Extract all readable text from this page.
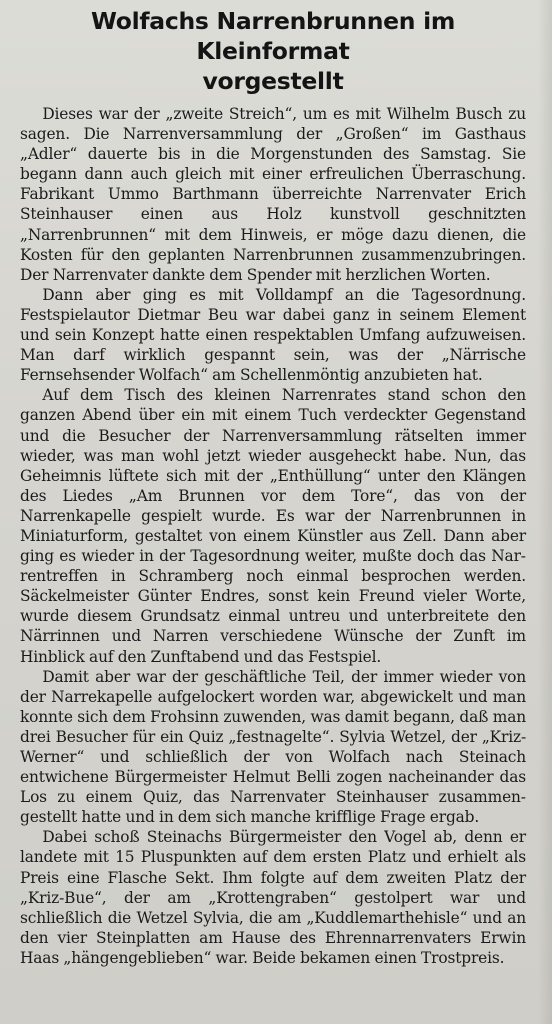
Wolfachs Narrenbrunnen im Kleinformat
vorgestellt

Dieses war der „zweite Streich“, um es mit Wilhelm Busch zu sagen. Die Narrenversammlung der „Großen“ im Gasthaus „Adler“ dauerte bis in die Morgenstunden des Samstag. Sie begann dann auch gleich mit einer erfreulichen Überraschung. Fabrikant Ummo Barthmann überreichte Narrenvater Erich Steinhauser einen aus Holz kunstvoll geschnitzten „Narrenbrunnen“ mit dem Hinweis, er möge dazu dienen, die Kosten für den geplanten Narrenbrunnen zusammenzubringen. Der Narrenvater dankte dem Spender mit herzlichen Worten.

Dann aber ging es mit Volldampf an die Tagesordnung. Festspielautor Dietmar Beu war dabei ganz in seinem Element und sein Konzept hatte einen respektablen Umfang aufzuweisen. Man darf wirklich gespannt sein, was der „Närrische Fernsehsender Wolfach“ am Schellenmöntig anzubieten hat.

Auf dem Tisch des kleinen Narrenrates stand schon den ganzen Abend über ein mit einem Tuch verdeckter Gegenstand und die Besucher der Narrenversammlung rätselten immer wieder, was man wohl jetzt wieder ausgeheckt habe. Nun, das Geheimnis lüftete sich mit der „Enthüllung“ unter den Klängen des Liedes „Am Brunnen vor dem Tore“, das von der Narrenkapelle gespielt wurde. Es war der Narrenbrunnen in Miniaturform, gestaltet von einem Künstler aus Zell. Dann aber ging es wieder in der Tagesordnung weiter, mußte doch das Narrentreffen in Schramberg noch einmal besprochen werden. Säckelmeister Günter Endres, sonst kein Freund vieler Worte, wurde diesem Grundsatz einmal untreu und unterbreitete den Närrinnen und Narren verschiedene Wünsche der Zunft im Hinblick auf den Zunftabend und das Festspiel.

Damit aber war der geschäftliche Teil, der immer wieder von der Narrekapelle aufgelockert worden war, abgewickelt und man konnte sich dem Frohsinn zuwenden, was damit begann, daß man drei Besucher für ein Quiz „festnagelte“. Sylvia Wetzel, der „Kriz-Werner“ und schließlich der von Wolfach nach Steinach entwichene Bürgermeister Helmut Belli zogen nacheinander das Los zu einem Quiz, das Narrenvater Steinhauser zusammengestellt hatte und in dem sich manche krifflige Frage ergab.

Dabei schoß Steinachs Bürgermeister den Vogel ab, denn er landete mit 15 Pluspunkten auf dem ersten Platz und erhielt als Preis eine Flasche Sekt. Ihm folgte auf dem zweiten Platz der „Kriz-Bue“, der am „Krottengraben“ gestolpert war und schließlich die Wetzel Sylvia, die am „Kuddlemarthehisle“ und an den vier Steinplatten am Hause des Ehrennarrenvaters Erwin Haas „hängengeblieben“ war. Beide bekamen einen Trostpreis.
